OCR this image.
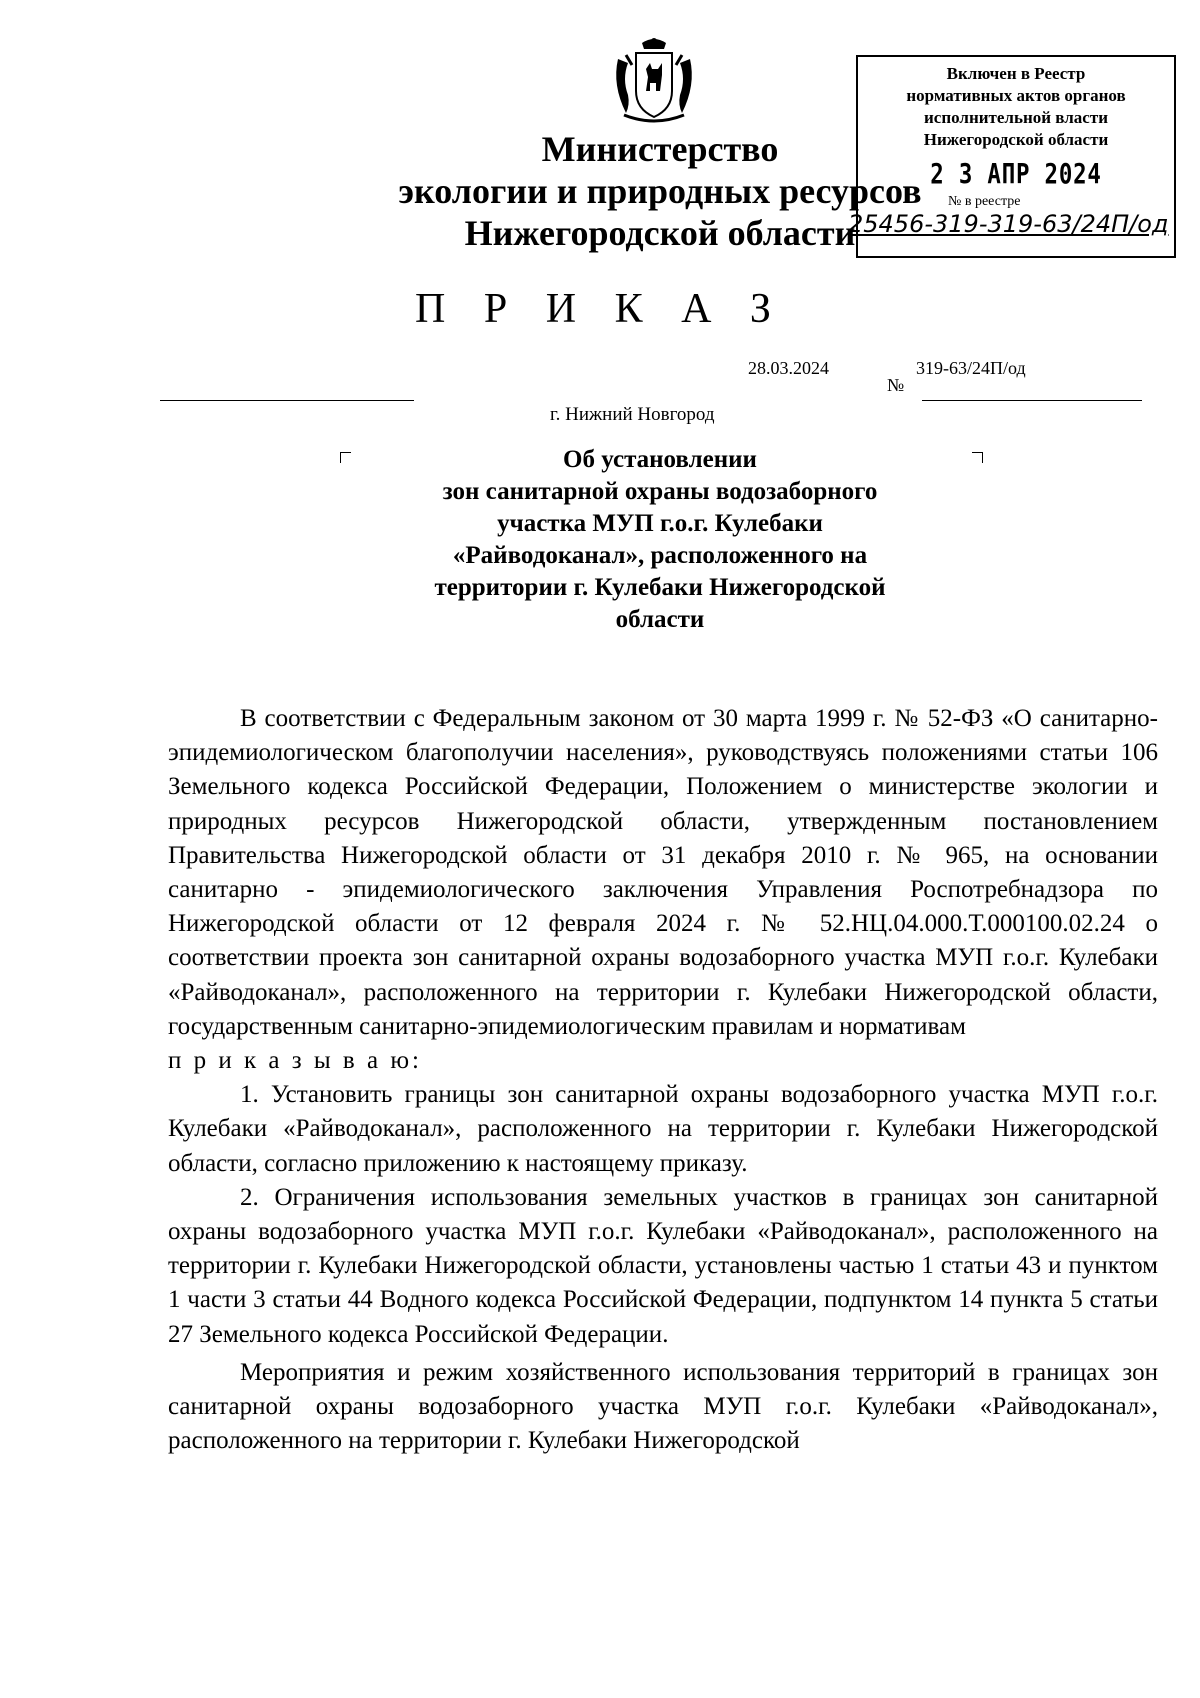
Министерство
экологии и природных ресурсов
Нижегородской области
Включен в Реестр
нормативных актов органов
исполнительной власти
Нижегородской области
2 3 АПР 2024
№ в реестре
25456-319-319-63/24П/од
П Р И К А З
28.03.2024	319-63/24П/од
№
г. Нижний Новгород
Об установлении
зон санитарной охраны водозаборного
участка МУП г.о.г. Кулебаки
«Райводоканал», расположенного на
территории г. Кулебаки Нижегородской
области

В соответствии с Федеральным законом от 30 марта 1999 г. № 52-ФЗ «О санитарно-эпидемиологическом благополучии населения», руководствуясь положениями статьи 106 Земельного кодекса Российской Федерации, Положением о министерстве экологии и природных ресурсов Нижегородской области, утвержденным постановлением Правительства Нижегородской области от 31 декабря 2010 г. № 965, на основании санитарно - эпидемиологического заключения Управления Роспотребнадзора по Нижегородской области от 12 февраля 2024 г. № 52.НЦ.04.000.Т.000100.02.24 о соответствии проекта зон санитарной охраны водозаборного участка МУП г.о.г. Кулебаки «Райводоканал», расположенного на территории г. Кулебаки Нижегородской области, государственным санитарно-эпидемиологическим правилам и нормативам

п р и к а з ы в а ю:

1. Установить границы зон санитарной охраны водозаборного участка МУП г.о.г. Кулебаки «Райводоканал», расположенного на территории г. Кулебаки Нижегородской области, согласно приложению к настоящему приказу.

2. Ограничения использования земельных участков в границах зон санитарной охраны водозаборного участка МУП г.о.г. Кулебаки «Райводоканал», расположенного на территории г. Кулебаки Нижегородской области, установлены частью 1 статьи 43 и пунктом 1 части 3 статьи 44 Водного кодекса Российской Федерации, подпунктом 14 пункта 5 статьи 27 Земельного кодекса Российской Федерации.

Мероприятия и режим хозяйственного использования территорий в границах зон санитарной охраны водозаборного участка МУП г.о.г. Кулебаки «Райводоканал», расположенного на территории г. Кулебаки Нижегородской
